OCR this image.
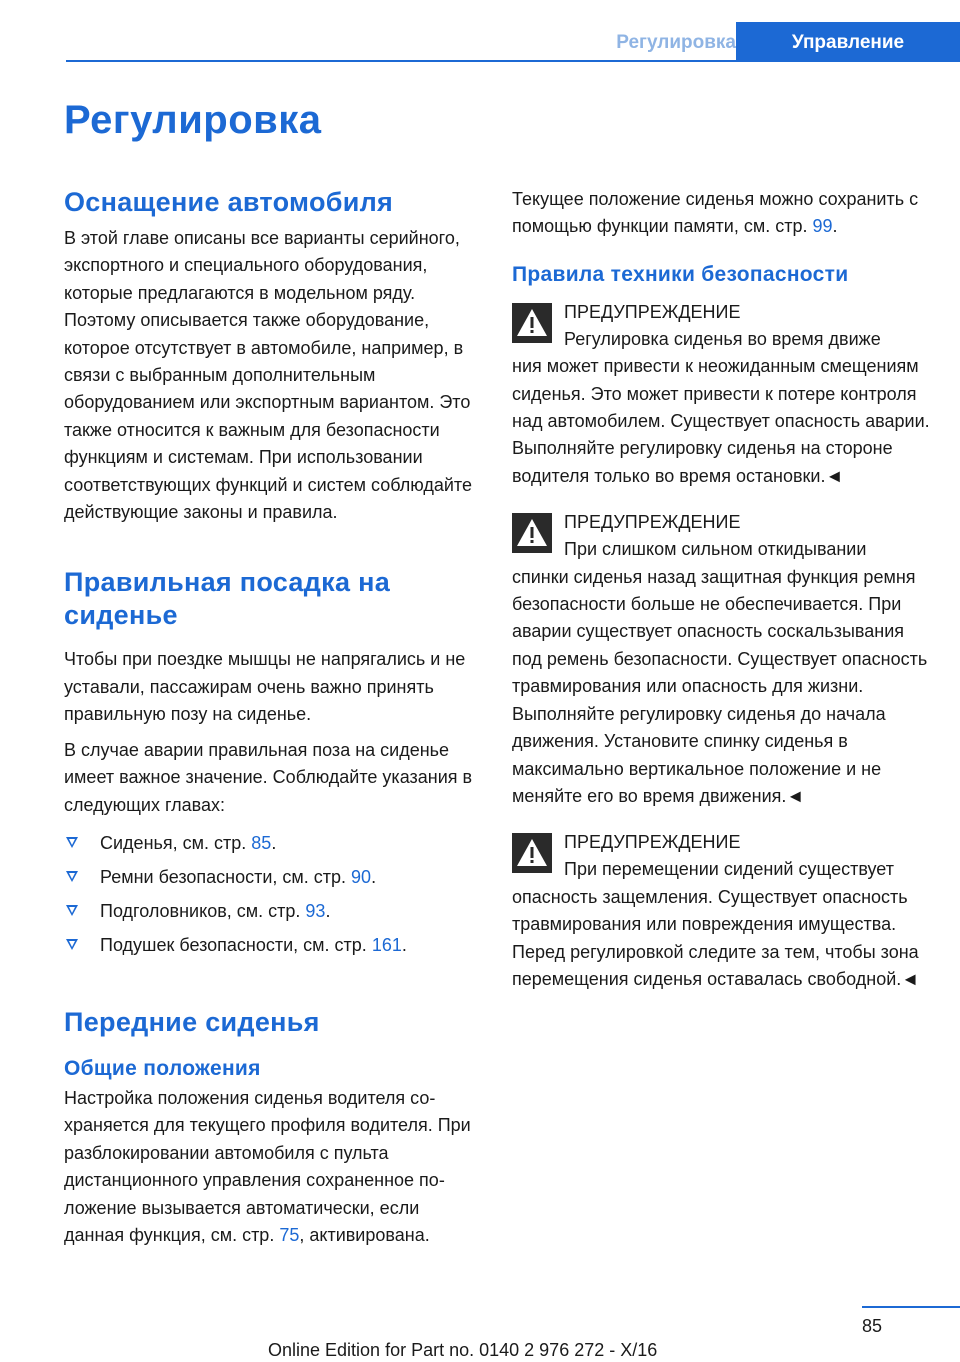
Регулировка	Управление
Регулировка
Оснащение автомобиля

В этой главе описаны все варианты серийного, экспортного и специального оборудования, которые предлагаются в модельном ряду. Поэтому описывается также оборудование, которое отсутствует в автомобиле, например, в связи с выбранным дополнительным оборудованием или экспортным вариантом. Это также относится к важным для безопасности функциям и системам. При использовании соответствующих функций и систем соблюдайте действующие законы и правила.

Правильная посадка на сиденье

Чтобы при поездке мышцы не напрягались и не уставали, пассажирам очень важно принять правильную позу на сиденье.

В случае аварии правильная поза на сиденье имеет важное значение. Соблюдайте указания в следующих главах:

Сиденья, см. стр. 85.
Ремни безопасности, см. стр. 90.
Подголовников, см. стр. 93.
Подушек безопасности, см. стр. 161.
Передние сиденья
Общие положения

Настройка положения сиденья водителя сохраняется для текущего профиля водителя. При разблокировании автомобиля с пульта дистанционного управления сохраненное положение вызывается автоматически, если данная функция, см. стр. 75, активирована.

Текущее положение сиденья можно сохранить с помощью функции памяти, см. стр. 99.

Правила техники безопасности
ПРЕДУПРЕЖДЕНИЕ
Регулировка сиденья во время движе
ния может привести к неожиданным смещениям сиденья. Это может привести к потере контроля над автомобилем. Существует опасность аварии. Выполняйте регулировку сиденья на стороне водителя только во время остановки.◄
ПРЕДУПРЕЖДЕНИЕ
При слишком сильном откидывании
спинки сиденья назад защитная функция ремня безопасности больше не обеспечивается. При аварии существует опасность соскальзывания под ремень безопасности. Существует опасность травмирования или опасность для жизни. Выполняйте регулировку сиденья до начала движения. Установите спинку сиденья в максимально вертикальное положение и не меняйте его во время движения.◄
ПРЕДУПРЕЖДЕНИЕ
При перемещении сидений существует
опасность защемления. Существует опасность травмирования или повреждения имущества. Перед регулировкой следите за тем, чтобы зона перемещения сиденья оставалась свободной.◄
85
Online Edition for Part no. 0140 2 976 272 - X/16
